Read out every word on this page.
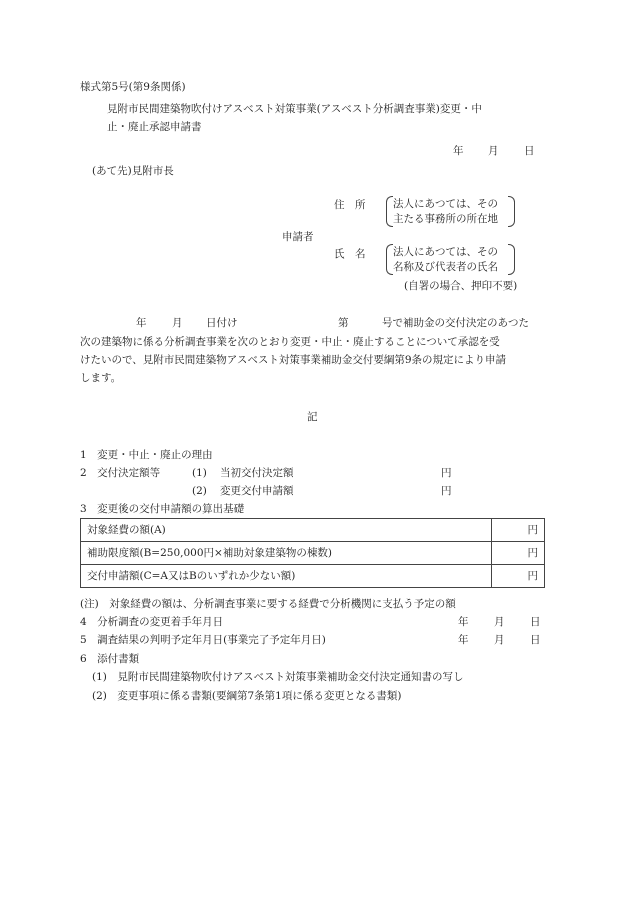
様式第5号(第9条関係)
見附市民間建築物吹付けアスベスト対策事業(アスベスト分析調査事業)変更・中
止・廃止承認申請書
年 月 日
(あて先)見附市長
住　所	法人にあつては、その
主たる事務所の所在地
申請者
氏　名	法人にあつては、その
名称及び代表者の氏名
(自署の場合、押印不要)
年 月 日付け	第	号で補助金の交付決定のあつた
次の建築物に係る分析調査事業を次のとおり変更・中止・廃止することについて承認を受
けたいので、見附市民間建築物アスベスト対策事業補助金交付要綱第9条の規定により申請
します。
記
1　変更・中止・廃止の理由
2　交付決定額等	(1) 当初交付決定額	円
(2) 変更交付申請額	円
3　変更後の交付申請額の算出基礎
対象経費の額(A)	円
補助限度額(B=250,000円×補助対象建築物の棟数)	円
交付申請額(C=A又はBのいずれか少ない額)	円
(注)　対象経費の額は、分析調査事業に要する経費で分析機関に支払う予定の額
4　分析調査の変更着手年月日	年 月 日
5　調査結果の判明予定年月日(事業完了予定年月日)	年 月 日
6　添付書類
(1)　見附市民間建築物吹付けアスベスト対策事業補助金交付決定通知書の写し
(2)　変更事項に係る書類(要綱第7条第1項に係る変更となる書類)
